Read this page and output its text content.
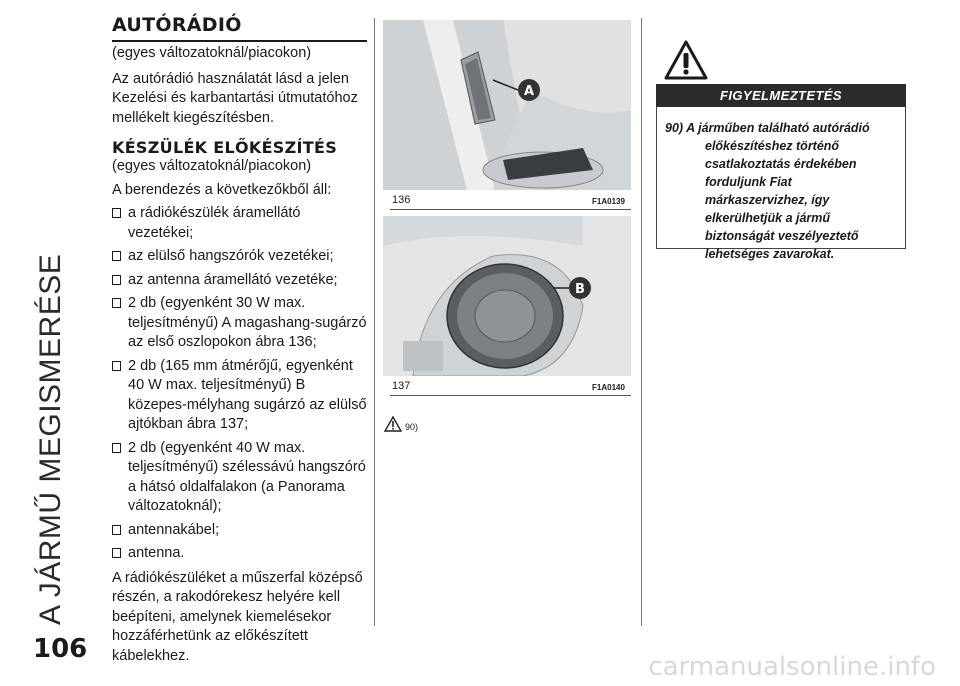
A JÁRMŰ MEGISMERÉSE
106
AUTÓRÁDIÓ
(egyes változatoknál/piacokon)
Az autórádió használatát lásd a jelen Kezelési és karbantartási útmutatóhoz mellékelt kiegészítésben.
KÉSZÜLÉK ELŐKÉSZÍTÉS
(egyes változatoknál/piacokon)
A berendezés a következőkből áll:
a rádiókészülék áramellátó vezetékei;
az elülső hangszórók vezetékei;
az antenna áramellátó vezetéke;
2 db (egyenként 30 W max. teljesítményű) A magashang-sugárzó az első oszlopokon ábra 136;
2 db (165 mm átmérőjű, egyenként 40 W max. teljesítményű) B közepes-mélyhang sugárzó az elülső ajtókban ábra 137;
2 db (egyenként 40 W max. teljesítményű) szélessávú hangszóró a hátsó oldalfalakon (a Panorama változatoknál);
antennakábel;
antenna.
A rádiókészüléket a műszerfal középső részén, a rakodórekesz helyére kell beépíteni, amelynek kiemelésekor hozzáférhetünk az előkészített kábelekhez.
A
136	F1A0139
B
137	F1A0140
90)
FIGYELMEZTETÉS
90) A járműben található autórádió előkészítéshez történő csatlakoztatás érdekében forduljunk Fiat márkaszervizhez, így elkerülhetjük a jármű biztonságát veszélyeztető lehetséges zavarokat.
carmanualsonline.info
